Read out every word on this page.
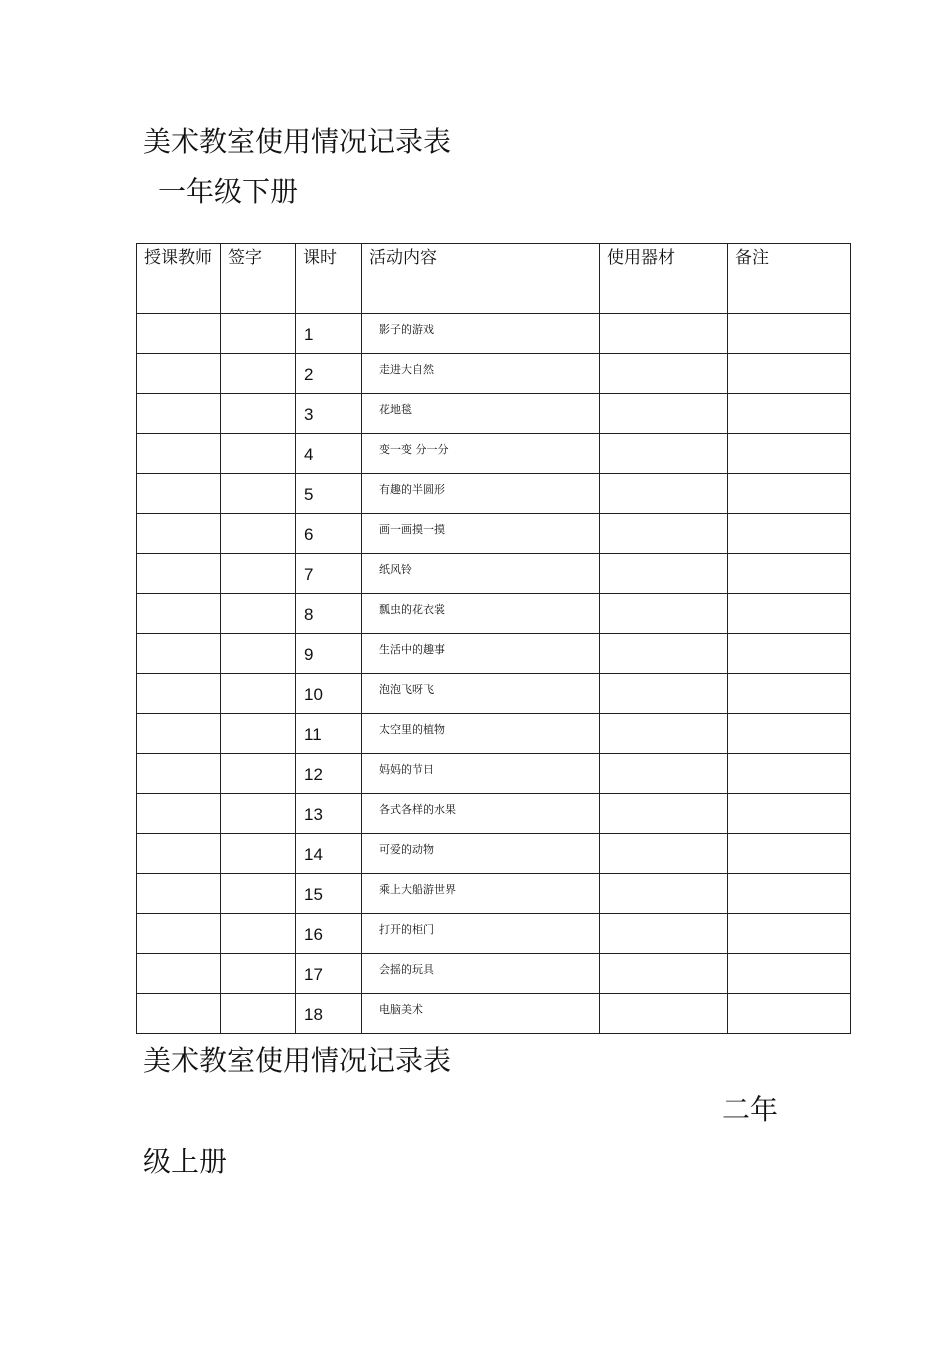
美术教室使用情况记录表
一年级下册
授课教师	签字	课时	活动内容	使用器材	备注
		1	影子的游戏		
		2	走进大自然		
		3	花地毯		
		4	变一变 分一分		
		5	有趣的半圆形		
		6	画一画摸一摸		
		7	纸风铃		
		8	瓢虫的花衣裳		
		9	生活中的趣事		
		10	泡泡飞呀飞		
		11	太空里的植物		
		12	妈妈的节日		
		13	各式各样的水果		
		14	可爱的动物		
		15	乘上大船游世界		
		16	打开的柜门		
		17	会摇的玩具		
		18	电脑美术		
美术教室使用情况记录表
二年
级上册
